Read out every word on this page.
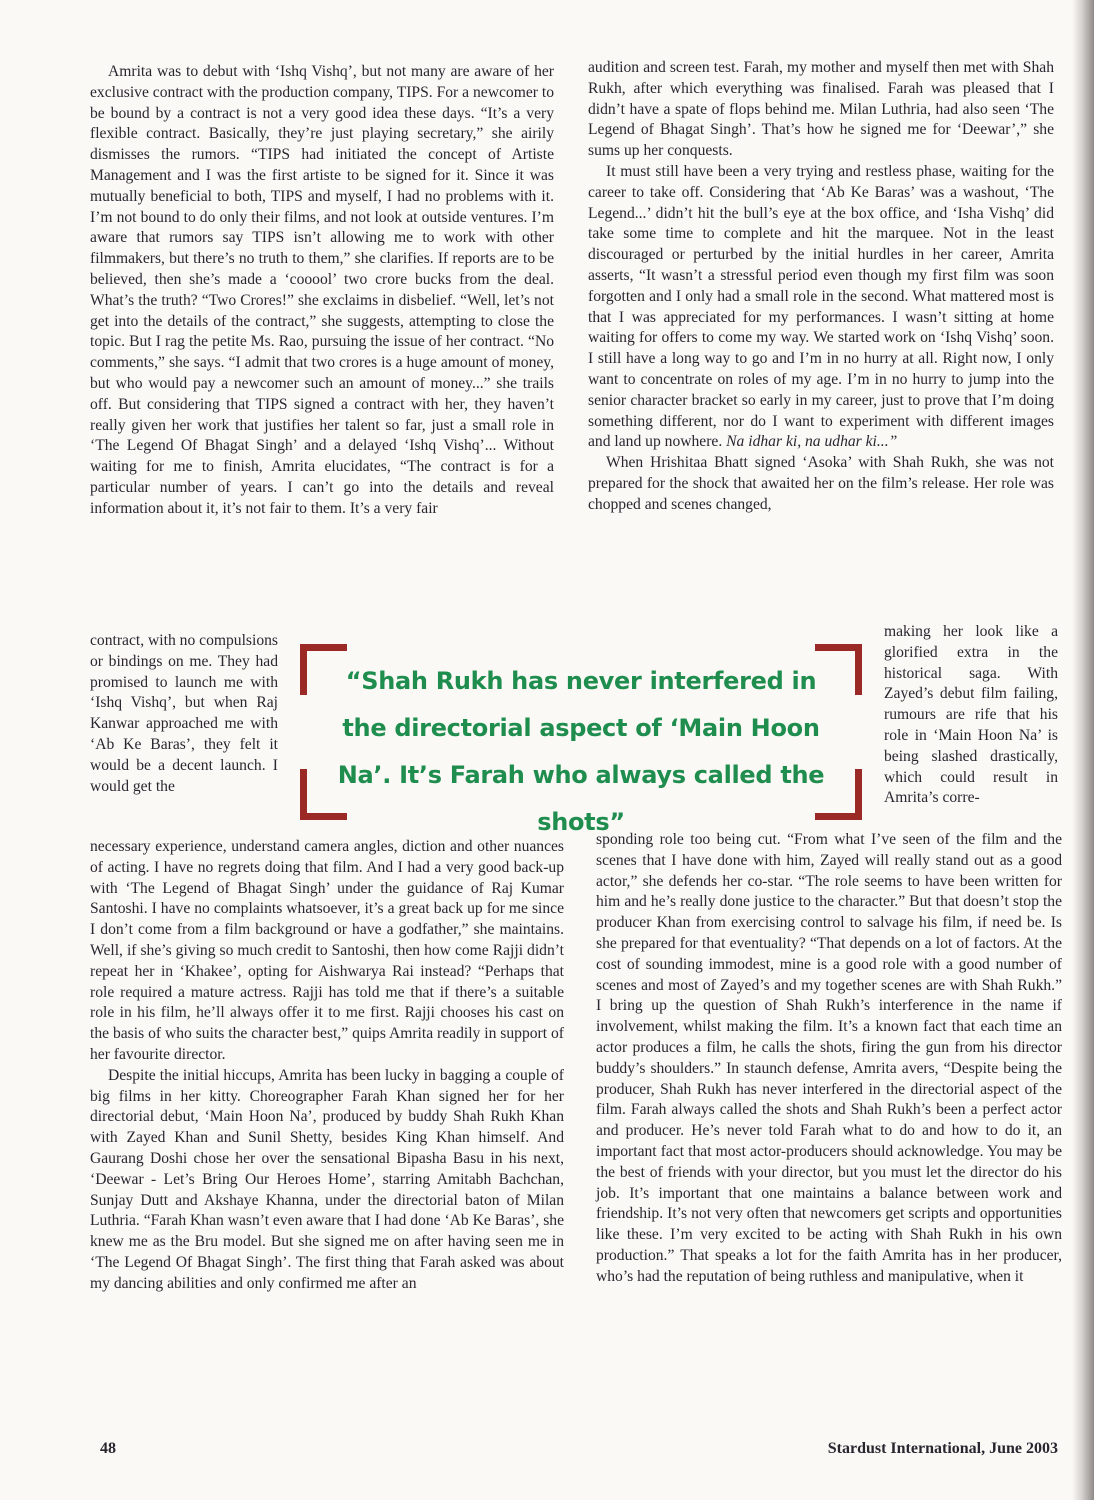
Amrita was to debut with ‘Ishq Vishq’, but not many are aware of her exclusive contract with the production company, TIPS. For a newcomer to be bound by a contract is not a very good idea these days. “It’s a very flexible contract. Basically, they’re just playing secretary,” she airily dismisses the rumors. “TIPS had initiated the concept of Artiste Management and I was the first artiste to be signed for it. Since it was mutually beneficial to both, TIPS and myself, I had no problems with it. I’m not bound to do only their films, and not look at outside ventures. I’m aware that rumors say TIPS isn’t allowing me to work with other filmmakers, but there’s no truth to them,” she clarifies. If reports are to be believed, then she’s made a ‘cooool’ two crore bucks from the deal. What’s the truth? “Two Crores!” she exclaims in disbelief. “Well, let’s not get into the details of the contract,” she suggests, attempting to close the topic. But I rag the petite Ms. Rao, pursuing the issue of her contract. “No comments,” she says. “I admit that two crores is a huge amount of money, but who would pay a newcomer such an amount of money...” she trails off. But considering that TIPS signed a contract with her, they haven’t really given her work that justifies her talent so far, just a small role in ‘The Legend Of Bhagat Singh’ and a delayed ‘Ishq Vishq’... Without waiting for me to finish, Amrita elucidates, “The contract is for a particular number of years. I can’t go into the details and reveal information about it, it’s not fair to them. It’s a very fair

contract, with no compulsions or bindings on me. They had promised to launch me with ‘Ishq Vishq’, but when Raj Kanwar approached me with ‘Ab Ke Baras’, they felt it would be a decent launch. I would get the

necessary experience, understand camera angles, diction and other nuances of acting. I have no regrets doing that film. And I had a very good back-up with ‘The Legend of Bhagat Singh’ under the guidance of Raj Kumar Santoshi. I have no complaints whatsoever, it’s a great back up for me since I don’t come from a film background or have a godfather,” she maintains. Well, if she’s giving so much credit to Santoshi, then how come Rajji didn’t repeat her in ‘Khakee’, opting for Aishwarya Rai instead? “Perhaps that role required a mature actress. Rajji has told me that if there’s a suitable role in his film, he’ll always offer it to me first. Rajji chooses his cast on the basis of who suits the character best,” quips Amrita readily in support of her favourite director.

Despite the initial hiccups, Amrita has been lucky in bagging a couple of big films in her kitty. Choreographer Farah Khan signed her for her directorial debut, ‘Main Hoon Na’, produced by buddy Shah Rukh Khan with Zayed Khan and Sunil Shetty, besides King Khan himself. And Gaurang Doshi chose her over the sensational Bipasha Basu in his next, ‘Deewar - Let’s Bring Our Heroes Home’, starring Amitabh Bachchan, Sunjay Dutt and Akshaye Khanna, under the directorial baton of Milan Luthria. “Farah Khan wasn’t even aware that I had done ‘Ab Ke Baras’, she knew me as the Bru model. But she signed me on after having seen me in ‘The Legend Of Bhagat Singh’. The first thing that Farah asked was about my dancing abilities and only confirmed me after an

audition and screen test. Farah, my mother and myself then met with Shah Rukh, after which everything was finalised. Farah was pleased that I didn’t have a spate of flops behind me. Milan Luthria, had also seen ‘The Legend of Bhagat Singh’. That’s how he signed me for ‘Deewar’,” she sums up her conquests.

It must still have been a very trying and restless phase, waiting for the career to take off. Considering that ‘Ab Ke Baras’ was a washout, ‘The Legend...’ didn’t hit the bull’s eye at the box office, and ‘Isha Vishq’ did take some time to complete and hit the marquee. Not in the least discouraged or perturbed by the initial hurdles in her career, Amrita asserts, “It wasn’t a stressful period even though my first film was soon forgotten and I only had a small role in the second. What mattered most is that I was appreciated for my performances. I wasn’t sitting at home waiting for offers to come my way. We started work on ‘Ishq Vishq’ soon. I still have a long way to go and I’m in no hurry at all. Right now, I only want to concentrate on roles of my age. I’m in no hurry to jump into the senior character bracket so early in my career, just to prove that I’m doing something different, nor do I want to experiment with different images and land up nowhere. Na idhar ki, na udhar ki...”

When Hrishitaa Bhatt signed ‘Asoka’ with Shah Rukh, she was not prepared for the shock that awaited her on the film’s release. Her role was chopped and scenes changed,

making her look like a glorified extra in the historical saga. With Zayed’s debut film failing, rumours are rife that his role in ‘Main Hoon Na’ is being slashed drastically, which could result in Amrita’s corre-

sponding role too being cut. “From what I’ve seen of the film and the scenes that I have done with him, Zayed will really stand out as a good actor,” she defends her co-star. “The role seems to have been written for him and he’s really done justice to the character.” But that doesn’t stop the producer Khan from exercising control to salvage his film, if need be. Is she prepared for that eventuality? “That depends on a lot of factors. At the cost of sounding immodest, mine is a good role with a good number of scenes and most of Zayed’s and my together scenes are with Shah Rukh.” I bring up the question of Shah Rukh’s interference in the name if involvement, whilst making the film. It’s a known fact that each time an actor produces a film, he calls the shots, firing the gun from his director buddy’s shoulders.” In staunch defense, Amrita avers, “Despite being the producer, Shah Rukh has never interfered in the directorial aspect of the film. Farah always called the shots and Shah Rukh’s been a perfect actor and producer. He’s never told Farah what to do and how to do it, an important fact that most actor-producers should acknowledge. You may be the best of friends with your director, but you must let the director do his job. It’s important that one maintains a balance between work and friendship. It’s not very often that newcomers get scripts and opportunities like these. I’m very excited to be acting with Shah Rukh in his own production.” That speaks a lot for the faith Amrita has in her producer, who’s had the reputation of being ruthless and manipulative, when it

“Shah Rukh has never interfered in the directorial aspect of ‘Main Hoon Na’. It’s Farah who always called the shots”
48	Stardust International, June 2003
